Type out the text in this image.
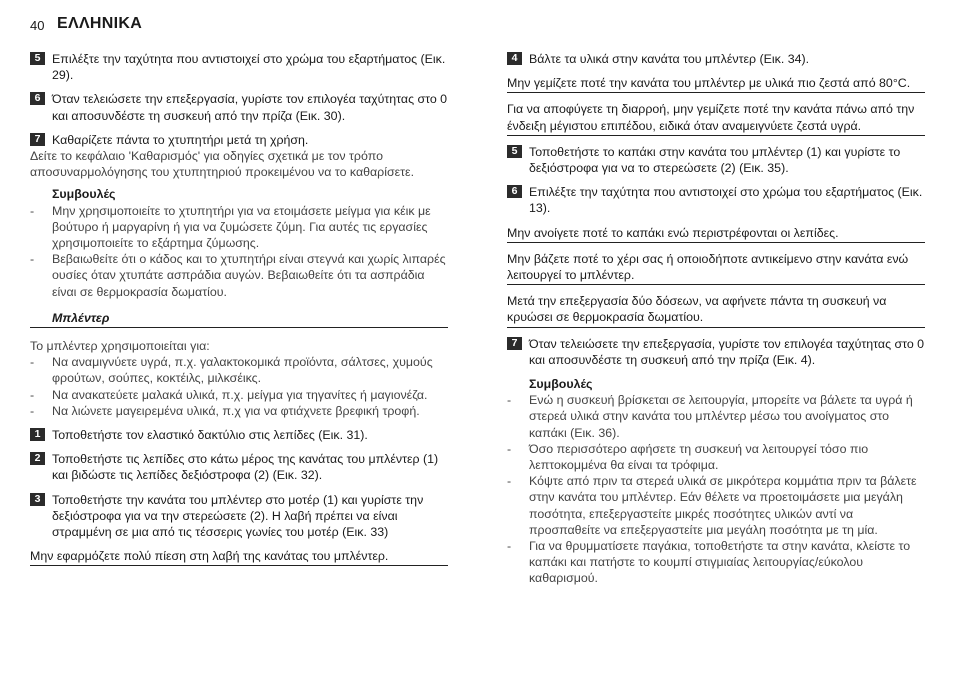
40 ΕΛΛΗΝΙΚΑ
5 Επιλέξτε την ταχύτητα που αντιστοιχεί στο χρώμα του εξαρτήματος (Εικ. 29).
6 Όταν τελειώσετε την επεξεργασία, γυρίστε τον επιλογέα ταχύτητας στο 0 και αποσυνδέστε τη συσκευή από την πρίζα (Εικ. 30).
7 Καθαρίζετε πάντα το χτυπητήρι μετά τη χρήση.
Δείτε το κεφάλαιο 'Καθαρισμός' για οδηγίες σχετικά με τον τρόπο αποσυναρμολόγησης του χτυπητηριού προκειμένου να το καθαρίσετε.
Συμβουλές
- Μην χρησιμοποιείτε το χτυπητήρι για να ετοιμάσετε μείγμα για κέικ με βούτυρο ή μαργαρίνη ή για να ζυμώσετε ζύμη. Για αυτές τις εργασίες χρησιμοποιείτε το εξάρτημα ζύμωσης.
- Βεβαιωθείτε ότι ο κάδος και το χτυπητήρι είναι στεγνά και χωρίς λιπαρές ουσίες όταν χτυπάτε ασπράδια αυγών. Βεβαιωθείτε ότι τα ασπράδια είναι σε θερμοκρασία δωματίου.
Μπλέντερ
Το μπλέντερ χρησιμοποιείται για:
- Να αναμιγνύετε υγρά, π.χ. γαλακτοκομικά προϊόντα, σάλτσες, χυμούς φρούτων, σούπες, κοκτέιλς, μιλκσέικς.
- Να ανακατεύετε μαλακά υλικά, π.χ. μείγμα για τηγανίτες ή μαγιονέζα.
- Να λιώνετε μαγειρεμένα υλικά, π.χ για να φτιάχνετε βρεφική τροφή.
1 Τοποθετήστε τον ελαστικό δακτύλιο στις λεπίδες (Εικ. 31).
2 Τοποθετήστε τις λεπίδες στο κάτω μέρος της κανάτας του μπλέντερ (1) και βιδώστε τις λεπίδες δεξιόστροφα (2) (Εικ. 32).
3 Τοποθετήστε την κανάτα του μπλέντερ στο μοτέρ (1) και γυρίστε την δεξιόστροφα για να την στερεώσετε (2). Η λαβή πρέπει να είναι στραμμένη σε μια από τις τέσσερις γωνίες του μοτέρ (Εικ. 33)
Μην εφαρμόζετε πολύ πίεση στη λαβή της κανάτας του μπλέντερ.
4 Βάλτε τα υλικά στην κανάτα του μπλέντερ (Εικ. 34).
Μην γεμίζετε ποτέ την κανάτα του μπλέντερ με υλικά πιο ζεστά από 80°C.
Για να αποφύγετε τη διαρροή, μην γεμίζετε ποτέ την κανάτα πάνω από την ένδειξη μέγιστου επιπέδου, ειδικά όταν αναμειγνύετε ζεστά υγρά.
5 Τοποθετήστε το καπάκι στην κανάτα του μπλέντερ (1) και γυρίστε το δεξιόστροφα για να το στερεώσετε (2) (Εικ. 35).
6 Επιλέξτε την ταχύτητα που αντιστοιχεί στο χρώμα του εξαρτήματος (Εικ. 13).
Μην ανοίγετε ποτέ το καπάκι ενώ περιστρέφονται οι λεπίδες.
Μην βάζετε ποτέ το χέρι σας ή οποιοδήποτε αντικείμενο στην κανάτα ενώ λειτουργεί το μπλέντερ.
Μετά την επεξεργασία δύο δόσεων, να αφήνετε πάντα τη συσκευή να κρυώσει σε θερμοκρασία δωματίου.
7 Όταν τελειώσετε την επεξεργασία, γυρίστε τον επιλογέα ταχύτητας στο 0 και αποσυνδέστε τη συσκευή από την πρίζα (Εικ. 4).
Συμβουλές
- Ενώ η συσκευή βρίσκεται σε λειτουργία, μπορείτε να βάλετε τα υγρά ή στερεά υλικά στην κανάτα του μπλέντερ μέσω του ανοίγματος στο καπάκι (Εικ. 36).
- Όσο περισσότερο αφήσετε τη συσκευή να λειτουργεί τόσο πιο λεπτοκομμένα θα είναι τα τρόφιμα.
- Κόψτε από πριν τα στερεά υλικά σε μικρότερα κομμάτια πριν τα βάλετε στην κανάτα του μπλέντερ. Εάν θέλετε να προετοιμάσετε μια μεγάλη ποσότητα, επεξεργαστείτε μικρές ποσότητες υλικών αντί να προσπαθείτε να επεξεργαστείτε μια μεγάλη ποσότητα με τη μία.
- Για να θρυμματίσετε παγάκια, τοποθετήστε τα στην κανάτα, κλείστε το καπάκι και πατήστε το κουμπί στιγμιαίας λειτουργίας/εύκολου καθαρισμού.
